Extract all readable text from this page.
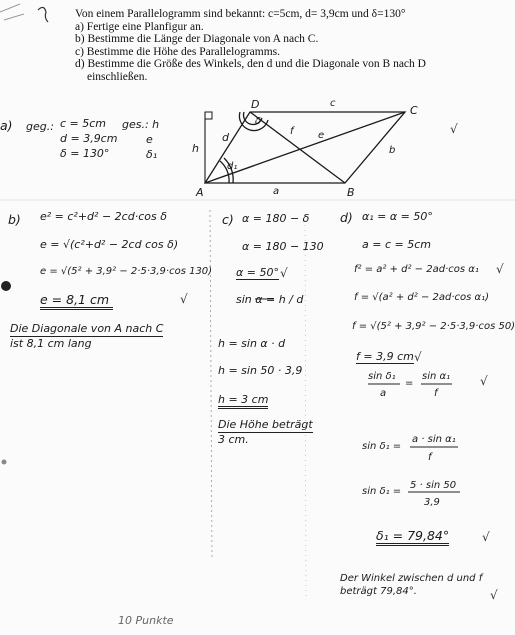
Von einem Parallelogramm sind bekannt: c=5cm, d= 3,9cm und δ=130°
a) Fertige eine Planfigur an.
b) Bestimme die Länge der Diagonale von A nach C.
c) Bestimme die Höhe des Parallelogramms.
d) Bestimme die Größe des Winkels, den d und die Diagonale von B nach D
einschließen.
A	B
C
D	c
a
b
d
h
e
f
d₁
δ
a) geg.: c = 5cm
d = 3,9cm
δ = 130°
ges.: h
e
δ₁
√
b) e² = c²+d² − 2cd·cos δ
e = √(c²+d² − 2cd cos δ)
e = √(5² + 3,9² − 2·5·3,9·cos 130)
e = 8,1 cm	√
Die Diagonale von A nach C
ist 8,1 cm lang
c) α = 180 − δ
α = 180 − 130
α = 50° √
sin α = h / d
h = sin α · d
h = sin 50 · 3,9
h = 3 cm
Die Höhe beträgt
3 cm.
d) α₁ = α = 50°
a = c = 5cm
f² = a² + d² − 2ad·cos α₁ √
f = √(a² + d² − 2ad·cos α₁)
f = √(5² + 3,9² − 2·5·3,9·cos 50)
f = 3,9 cm √
sin δ₁
a
=
sin α₁
f
√
sin δ₁ =
a · sin α₁
f
sin δ₁ =
5 · sin 50
3,9
δ₁ = 79,84°	√
Der Winkel zwischen d und f
beträgt 79,84°.	√
10 Punkte
